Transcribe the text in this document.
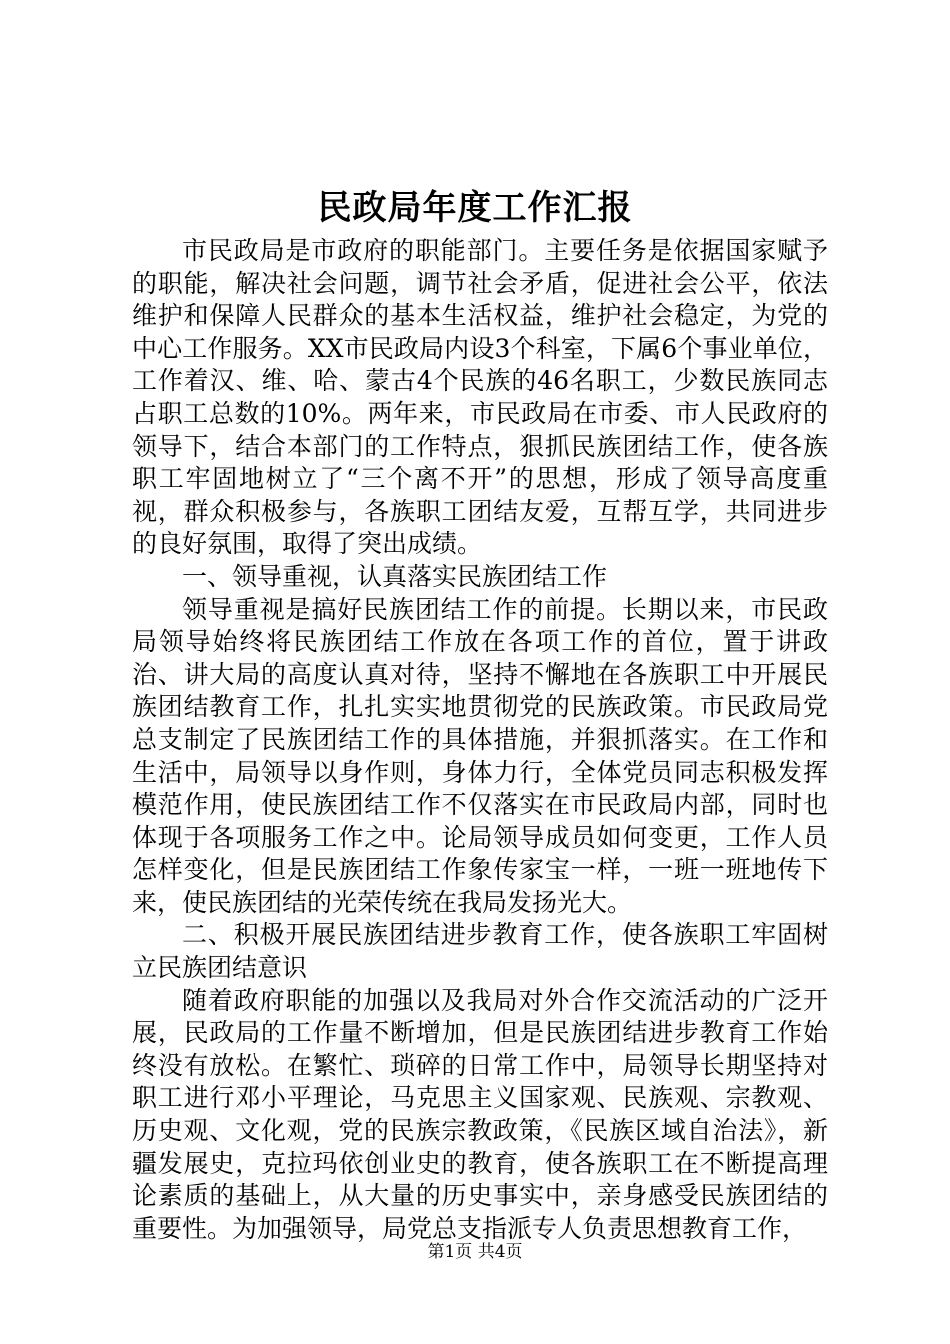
民政局年度工作汇报

市民政局是市政府的职能部门。主要任务是依据国家赋予的职能，解决社会问题，调节社会矛盾，促进社会公平，依法维护和保障人民群众的基本生活权益，维护社会稳定，为党的中心工作服务。XX市民政局内设3个科室，下属6个事业单位，工作着汉、维、哈、蒙古4个民族的46名职工，少数民族同志占职工总数的10%。两年来，市民政局在市委、市人民政府的领导下，结合本部门的工作特点，狠抓民族团结工作，使各族职工牢固地树立了“三个离不开”的思想，形成了领导高度重视，群众积极参与，各族职工团结友爱，互帮互学，共同进步的良好氛围，取得了突出成绩。

一、领导重视，认真落实民族团结工作

领导重视是搞好民族团结工作的前提。长期以来，市民政局领导始终将民族团结工作放在各项工作的首位，置于讲政治、讲大局的高度认真对待，坚持不懈地在各族职工中开展民族团结教育工作，扎扎实实地贯彻党的民族政策。市民政局党总支制定了民族团结工作的具体措施，并狠抓落实。在工作和生活中，局领导以身作则，身体力行，全体党员同志积极发挥模范作用，使民族团结工作不仅落实在市民政局内部，同时也体现于各项服务工作之中。论局领导成员如何变更，工作人员怎样变化，但是民族团结工作象传家宝一样，一班一班地传下来，使民族团结的光荣传统在我局发扬光大。

二、积极开展民族团结进步教育工作，使各族职工牢固树立民族团结意识

随着政府职能的加强以及我局对外合作交流活动的广泛开展，民政局的工作量不断增加，但是民族团结进步教育工作始终没有放松。在繁忙、琐碎的日常工作中，局领导长期坚持对职工进行邓小平理论，马克思主义国家观、民族观、宗教观、历史观、文化观，党的民族宗教政策，《民族区域自治法》，新疆发展史，克拉玛依创业史的教育，使各族职工在不断提高理论素质的基础上，从大量的历史事实中，亲身感受民族团结的重要性。为加强领导，局党总支指派专人负责思想教育工作，

第1页 共4页
